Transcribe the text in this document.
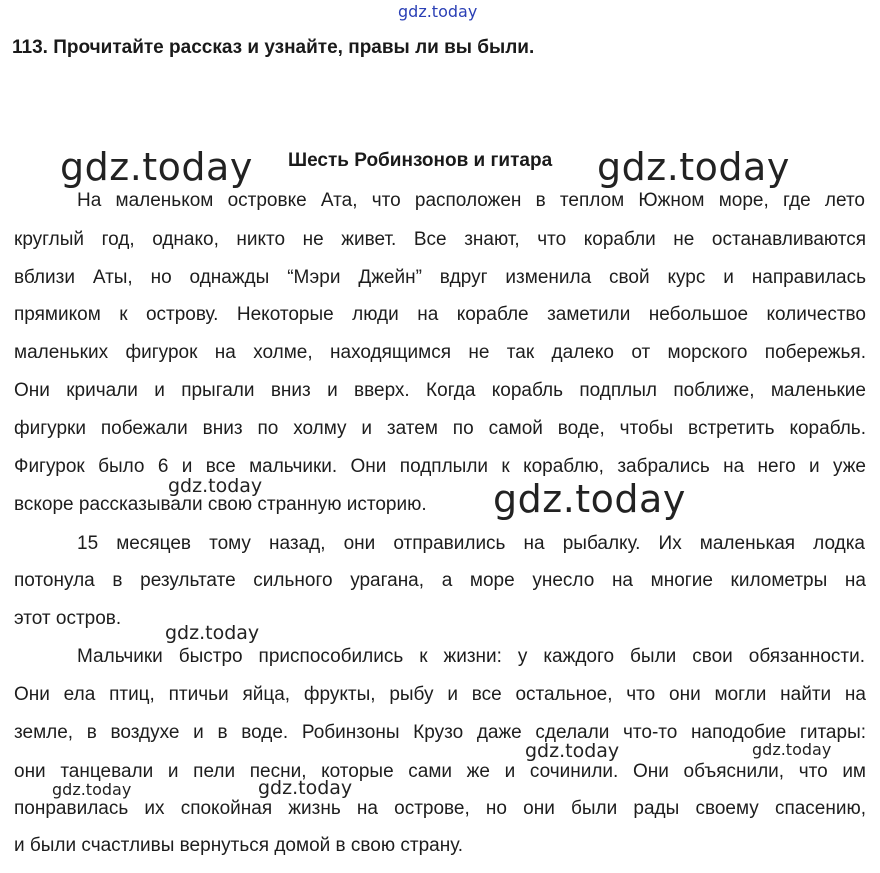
gdz.today
113. Прочитайте рассказ и узнайте, правы ли вы были.
gdz.today Шесть Робинзонов и гитара gdz.today
На маленьком островке Ата, что расположен в теплом Южном море, где лето
круглый год, однако, никто не живет. Все знают, что корабли не останавливаются
вблизи Аты, но однажды “Мэри Джейн” вдруг изменила свой курс и направилась
прямиком к острову. Некоторые люди на корабле заметили небольшое количество
маленьких фигурок на холме, находящимся не так далеко от морского побережья.
Они кричали и прыгали вниз и вверх. Когда корабль подплыл поближе, маленькие
фигурки побежали вниз по холму и затем по самой воде, чтобы встретить корабль.
Фигурок было 6 и все мальчики. Они подплыли к кораблю, забрались на него и уже
gdz.today
вскоре рассказывали свою странную историю. gdz.today
15 месяцев тому назад, они отправились на рыбалку. Их маленькая лодка
потонула в результате сильного урагана, а море унесло на многие километры на
этот остров.
gdz.today
Мальчики быстро приспособились к жизни: у каждого были свои обязанности.
Они ела птиц, птичьи яйца, фрукты, рыбу и все остальное, что они могли найти на
земле, в воздухе и в воде. Робинзоны Крузо даже сделали что-то наподобие гитары:
gdz.today	gdz.today
они танцевали и пели песни, которые сами же и сочинили. Они объяснили, что им
gdz.today	gdz.today
понравилась их спокойная жизнь на острове, но они были рады своему спасению,
и были счастливы вернуться домой в свою страну.
